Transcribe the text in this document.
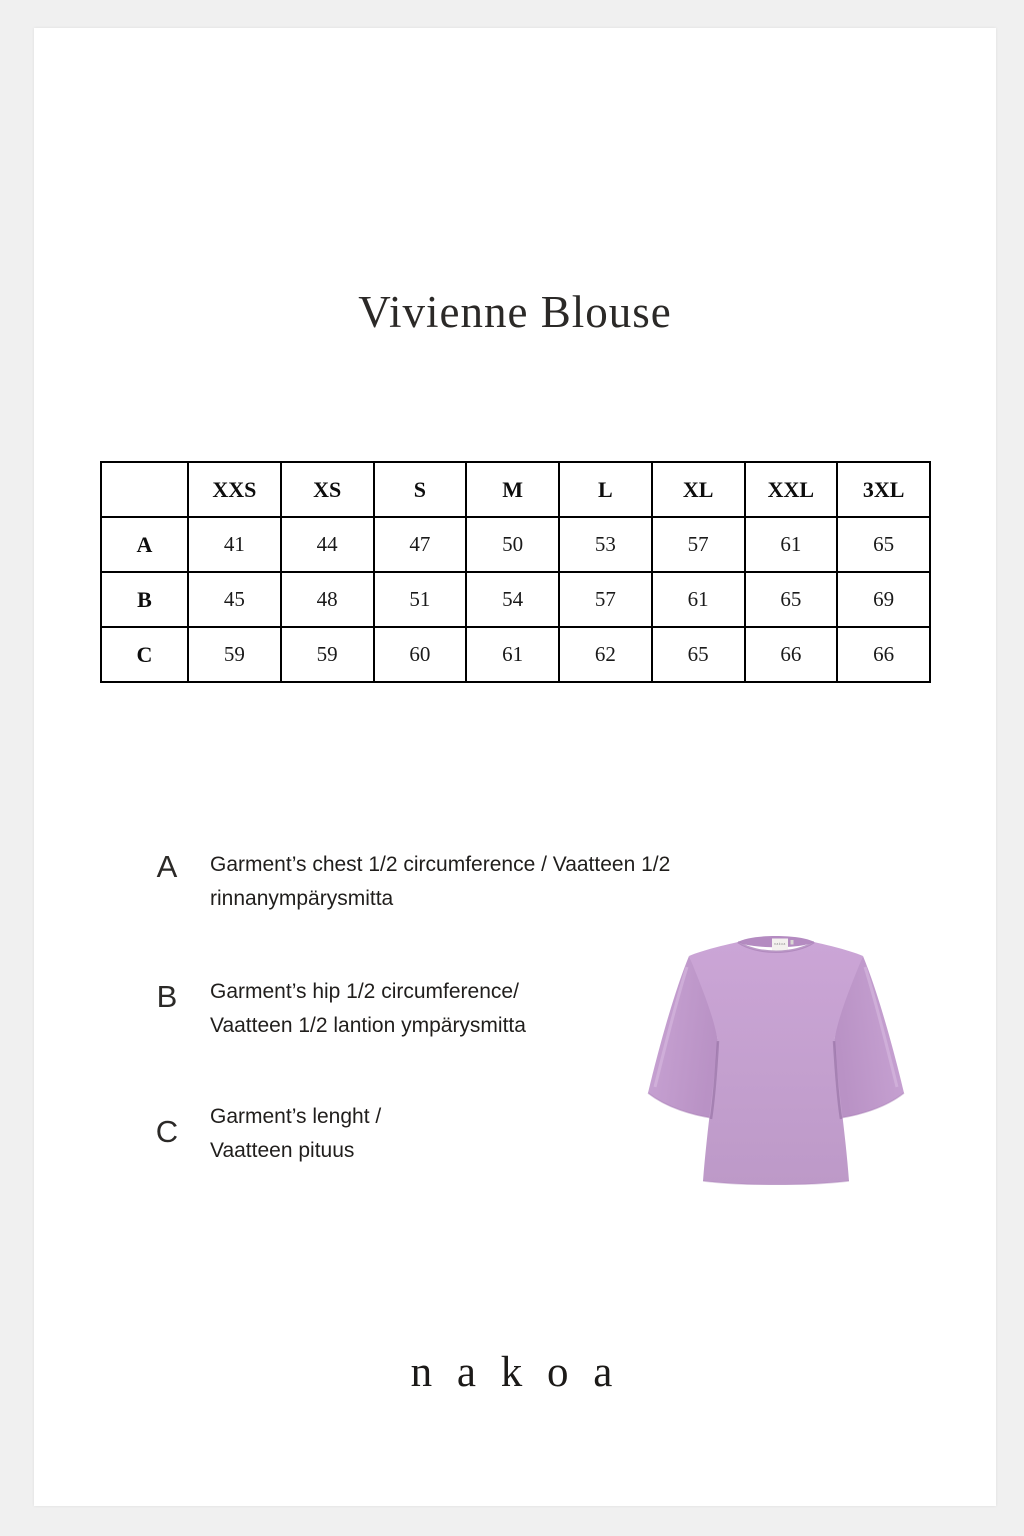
Vivienne Blouse
	XXS	XS	S	M	L	XL	XXL	3XL
A	41	44	47	50	53	57	61	65
B	45	48	51	54	57	61	65	69
C	59	59	60	61	62	65	66	66
A	Garment’s chest 1/2 circumference / Vaatteen 1/2
rinnanympärysmitta
B	Garment’s hip 1/2 circumference/
Vaatteen 1/2 lantion ympärysmitta
C	Garment’s lenght /
Vaatteen pituus
nakoa
n a k o a
